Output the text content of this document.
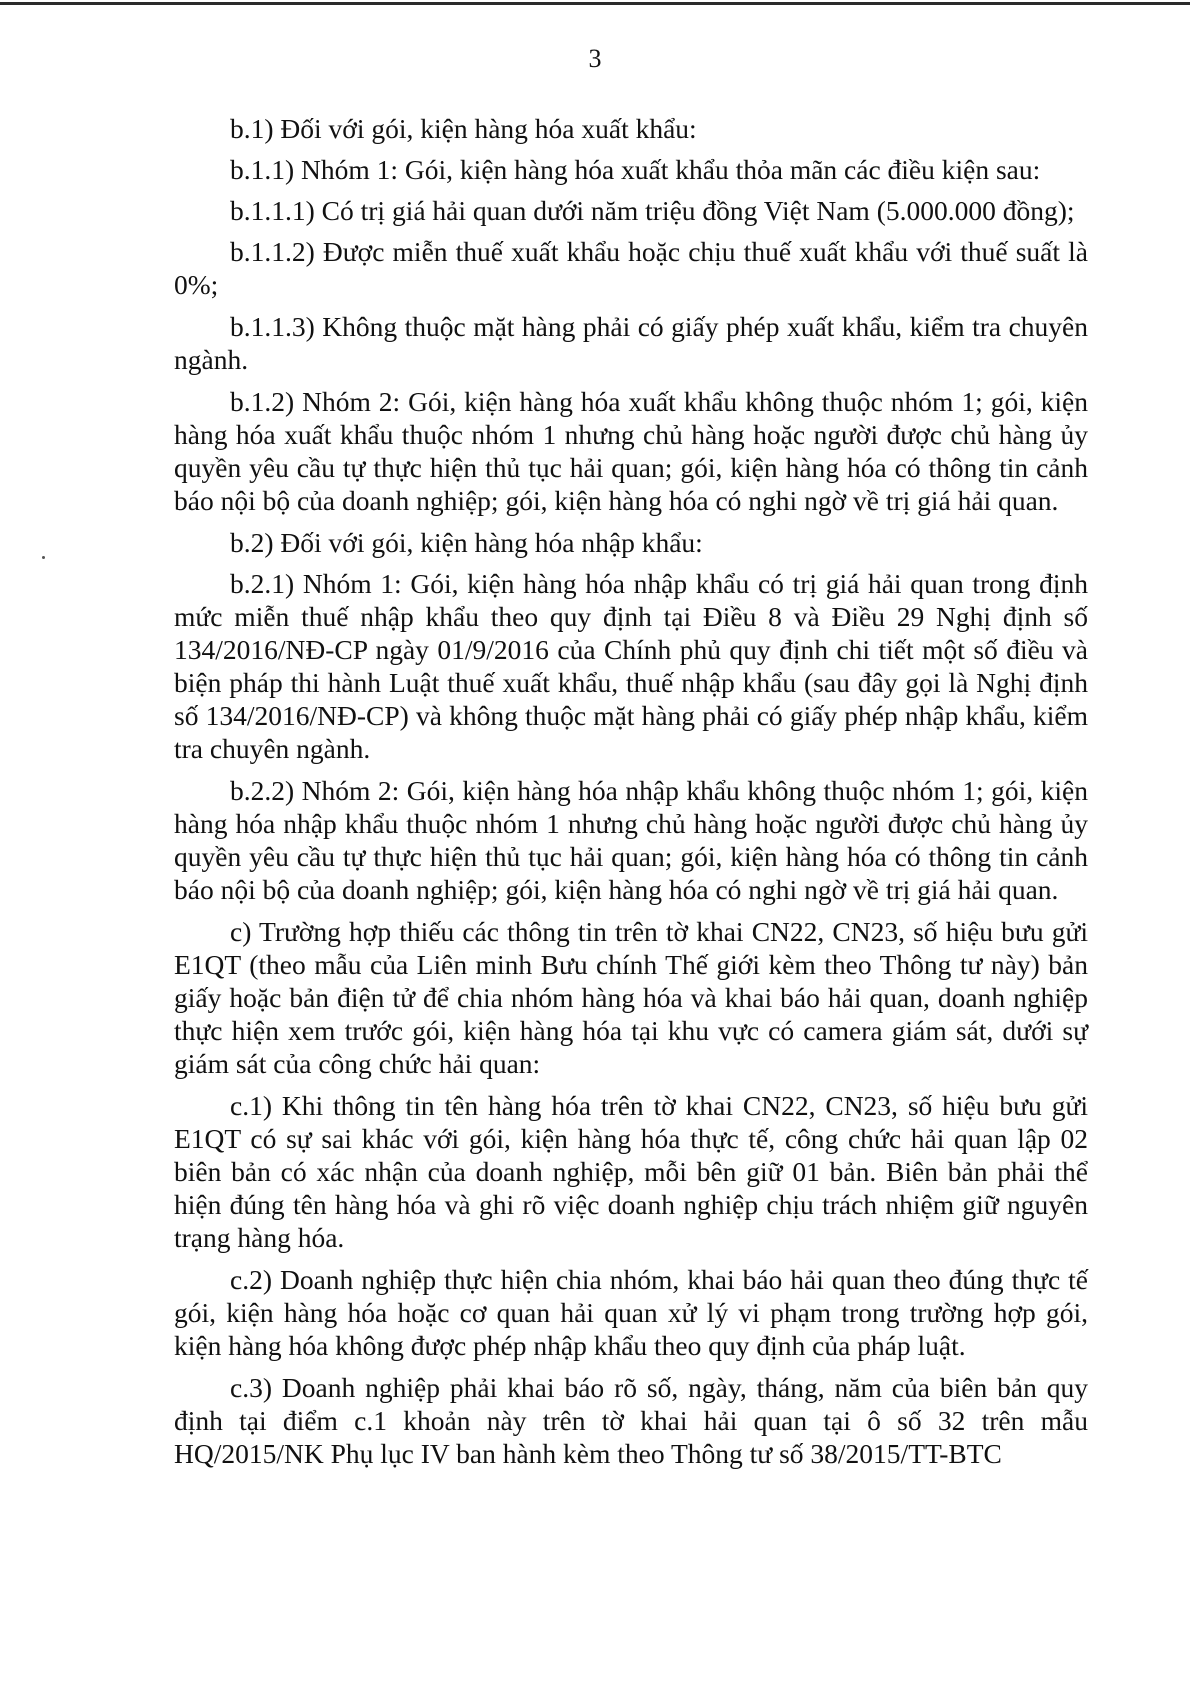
3

b.1) Đối với gói, kiện hàng hóa xuất khẩu:

b.1.1) Nhóm 1: Gói, kiện hàng hóa xuất khẩu thỏa mãn các điều kiện sau:

b.1.1.1) Có trị giá hải quan dưới năm triệu đồng Việt Nam (5.000.000 đồng);

b.1.1.2) Được miễn thuế xuất khẩu hoặc chịu thuế xuất khẩu với thuế suất là 0%;

b.1.1.3) Không thuộc mặt hàng phải có giấy phép xuất khẩu, kiểm tra chuyên ngành.

b.1.2) Nhóm 2: Gói, kiện hàng hóa xuất khẩu không thuộc nhóm 1; gói, kiện hàng hóa xuất khẩu thuộc nhóm 1 nhưng chủ hàng hoặc người được chủ hàng ủy quyền yêu cầu tự thực hiện thủ tục hải quan; gói, kiện hàng hóa có thông tin cảnh báo nội bộ của doanh nghiệp; gói, kiện hàng hóa có nghi ngờ về trị giá hải quan.

b.2) Đối với gói, kiện hàng hóa nhập khẩu:

b.2.1) Nhóm 1: Gói, kiện hàng hóa nhập khẩu có trị giá hải quan trong định mức miễn thuế nhập khẩu theo quy định tại Điều 8 và Điều 29 Nghị định số 134/2016/NĐ-CP ngày 01/9/2016 của Chính phủ quy định chi tiết một số điều và biện pháp thi hành Luật thuế xuất khẩu, thuế nhập khẩu (sau đây gọi là Nghị định số 134/2016/NĐ-CP) và không thuộc mặt hàng phải có giấy phép nhập khẩu, kiểm tra chuyên ngành.

b.2.2) Nhóm 2: Gói, kiện hàng hóa nhập khẩu không thuộc nhóm 1; gói, kiện hàng hóa nhập khẩu thuộc nhóm 1 nhưng chủ hàng hoặc người được chủ hàng ủy quyền yêu cầu tự thực hiện thủ tục hải quan; gói, kiện hàng hóa có thông tin cảnh báo nội bộ của doanh nghiệp; gói, kiện hàng hóa có nghi ngờ về trị giá hải quan.

c) Trường hợp thiếu các thông tin trên tờ khai CN22, CN23, số hiệu bưu gửi E1QT (theo mẫu của Liên minh Bưu chính Thế giới kèm theo Thông tư này) bản giấy hoặc bản điện tử để chia nhóm hàng hóa và khai báo hải quan, doanh nghiệp thực hiện xem trước gói, kiện hàng hóa tại khu vực có camera giám sát, dưới sự giám sát của công chức hải quan:

c.1) Khi thông tin tên hàng hóa trên tờ khai CN22, CN23, số hiệu bưu gửi E1QT có sự sai khác với gói, kiện hàng hóa thực tế, công chức hải quan lập 02 biên bản có xác nhận của doanh nghiệp, mỗi bên giữ 01 bản. Biên bản phải thể hiện đúng tên hàng hóa và ghi rõ việc doanh nghiệp chịu trách nhiệm giữ nguyên trạng hàng hóa.

c.2) Doanh nghiệp thực hiện chia nhóm, khai báo hải quan theo đúng thực tế gói, kiện hàng hóa hoặc cơ quan hải quan xử lý vi phạm trong trường hợp gói, kiện hàng hóa không được phép nhập khẩu theo quy định của pháp luật.

c.3) Doanh nghiệp phải khai báo rõ số, ngày, tháng, năm của biên bản quy định tại điểm c.1 khoản này trên tờ khai hải quan tại ô số 32 trên mẫu HQ/2015/NK Phụ lục IV ban hành kèm theo Thông tư số 38/2015/TT-BTC
